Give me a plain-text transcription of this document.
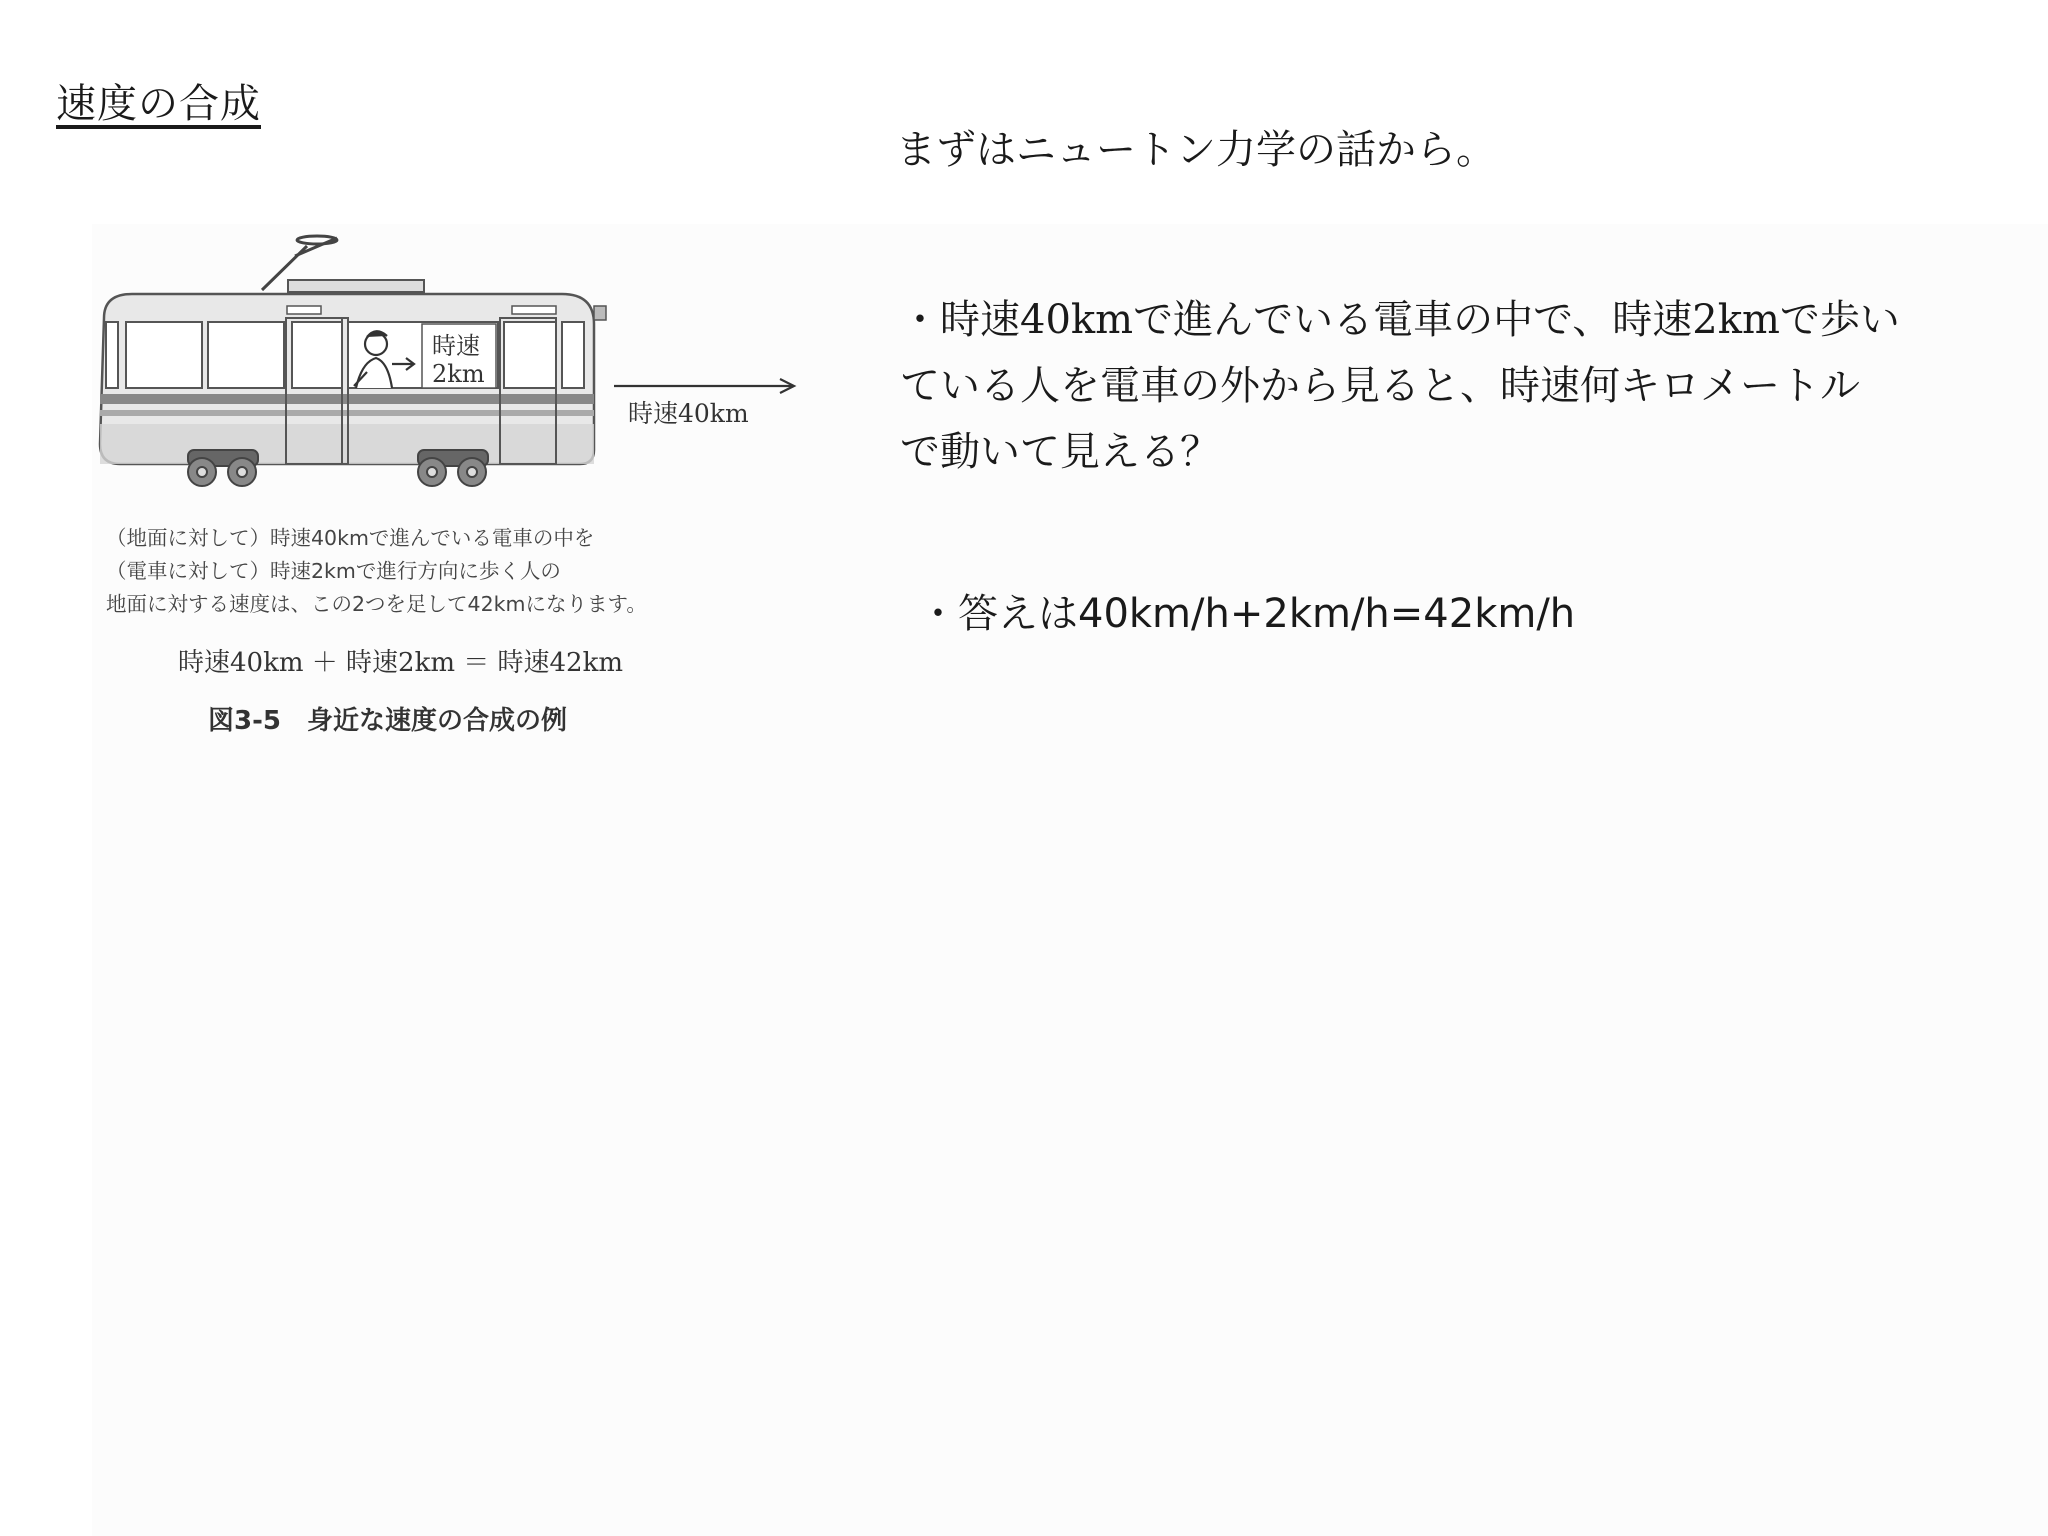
速度の合成
時速
2km
時速40km
（地面に対して）時速40kmで進んでいる電車の中を
（電車に対して）時速2kmで進行方向に歩く人の
地面に対する速度は、この2つを足して42kmになります。
時速40km ＋ 時速2km ＝ 時速42km
図3-5　身近な速度の合成の例
まずはニュートン力学の話から。
・時速40kmで進んでいる電車の中で、時速2kmで歩い
ている人を電車の外から見ると、時速何キロメートル
で動いて見える？
・答えは40km/h+2km/h=42km/h
